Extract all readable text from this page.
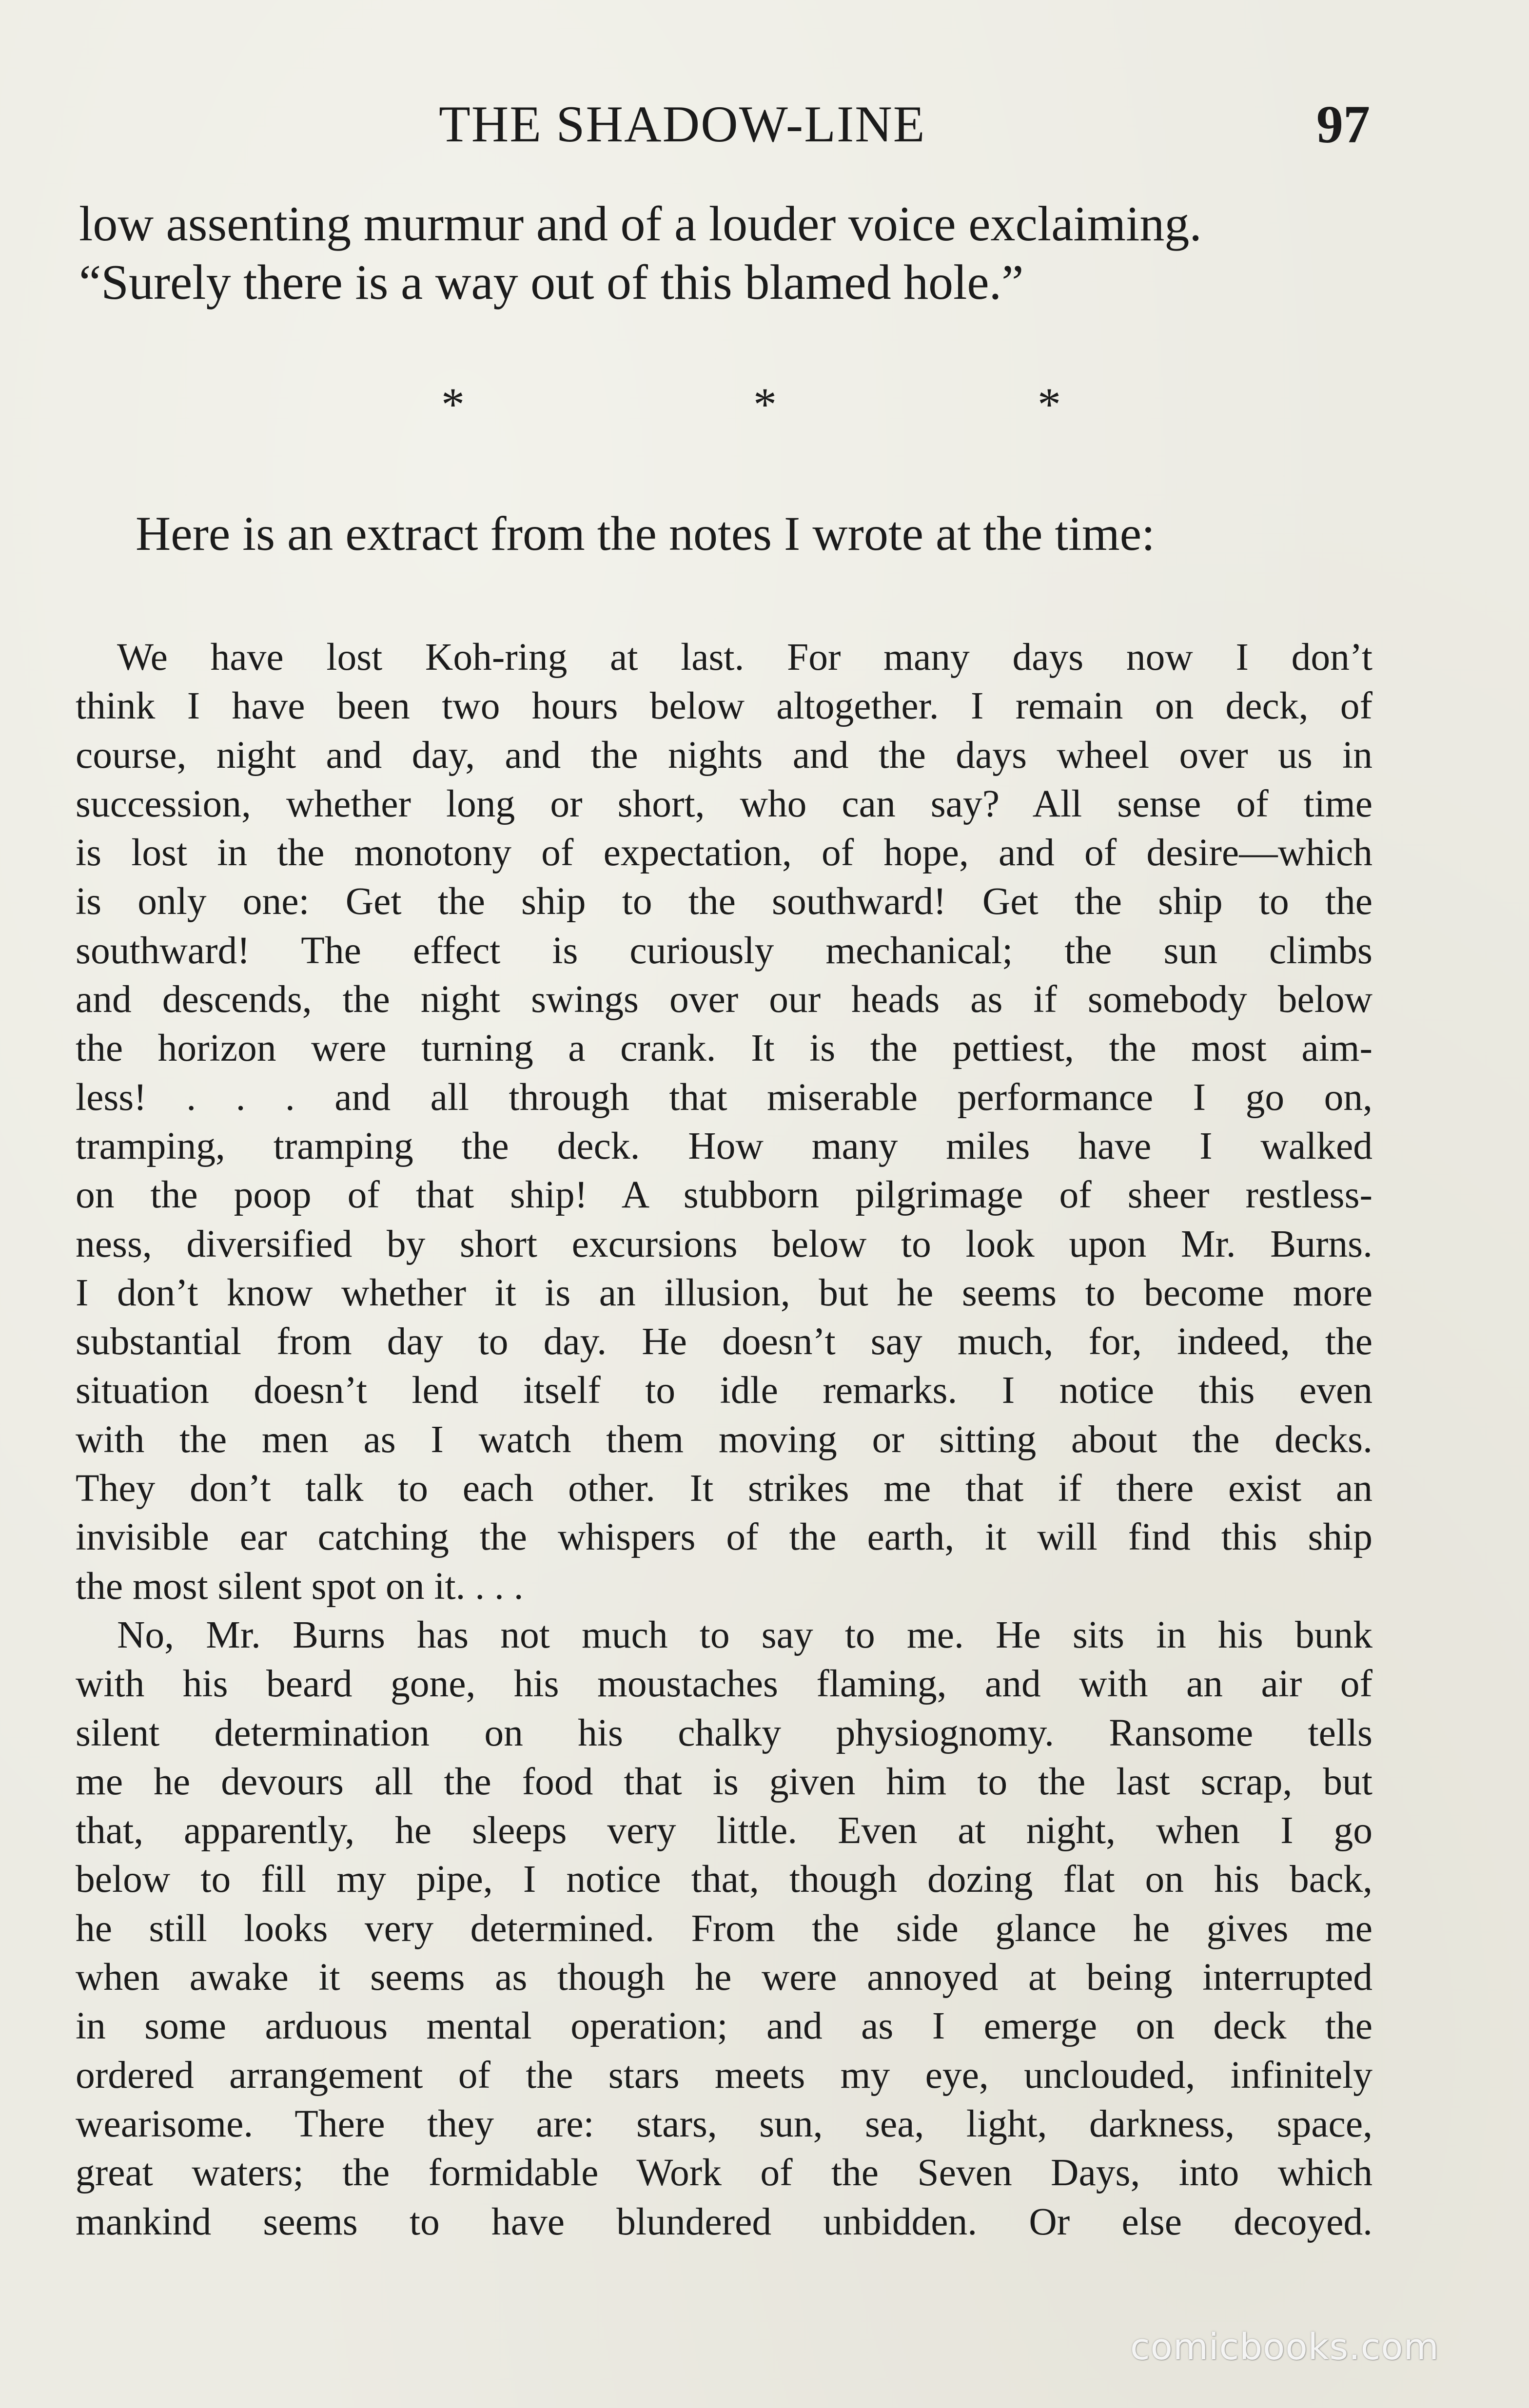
THE SHADOW-LINE	97
low assenting murmur and of a louder voice exclaiming.
“Surely there is a way out of this blamed hole.”
*	*	*
Here is an extract from the notes I wrote at the time:
We have lost Koh-ring at last. For many days now I don’t
think I have been two hours below altogether. I remain on deck, of
course, night and day, and the nights and the days wheel over us in
succession, whether long or short, who can say? All sense of time
is lost in the monotony of expectation, of hope, and of desire—which
is only one: Get the ship to the southward! Get the ship to the
southward! The effect is curiously mechanical; the sun climbs
and descends, the night swings over our heads as if somebody below
the horizon were turning a crank. It is the pettiest, the most aim-
less! . . . and all through that miserable performance I go on,
tramping, tramping the deck. How many miles have I walked
on the poop of that ship! A stubborn pilgrimage of sheer restless-
ness, diversified by short excursions below to look upon Mr. Burns.
I don’t know whether it is an illusion, but he seems to become more
substantial from day to day. He doesn’t say much, for, indeed, the
situation doesn’t lend itself to idle remarks. I notice this even
with the men as I watch them moving or sitting about the decks.
They don’t talk to each other. It strikes me that if there exist an
invisible ear catching the whispers of the earth, it will find this ship
the most silent spot on it. . . .
No, Mr. Burns has not much to say to me. He sits in his bunk
with his beard gone, his moustaches flaming, and with an air of
silent determination on his chalky physiognomy. Ransome tells
me he devours all the food that is given him to the last scrap, but
that, apparently, he sleeps very little. Even at night, when I go
below to fill my pipe, I notice that, though dozing flat on his back,
he still looks very determined. From the side glance he gives me
when awake it seems as though he were annoyed at being interrupted
in some arduous mental operation; and as I emerge on deck the
ordered arrangement of the stars meets my eye, unclouded, infinitely
wearisome. There they are: stars, sun, sea, light, darkness, space,
great waters; the formidable Work of the Seven Days, into which
mankind seems to have blundered unbidden. Or else decoyed.
comicbooks.com
